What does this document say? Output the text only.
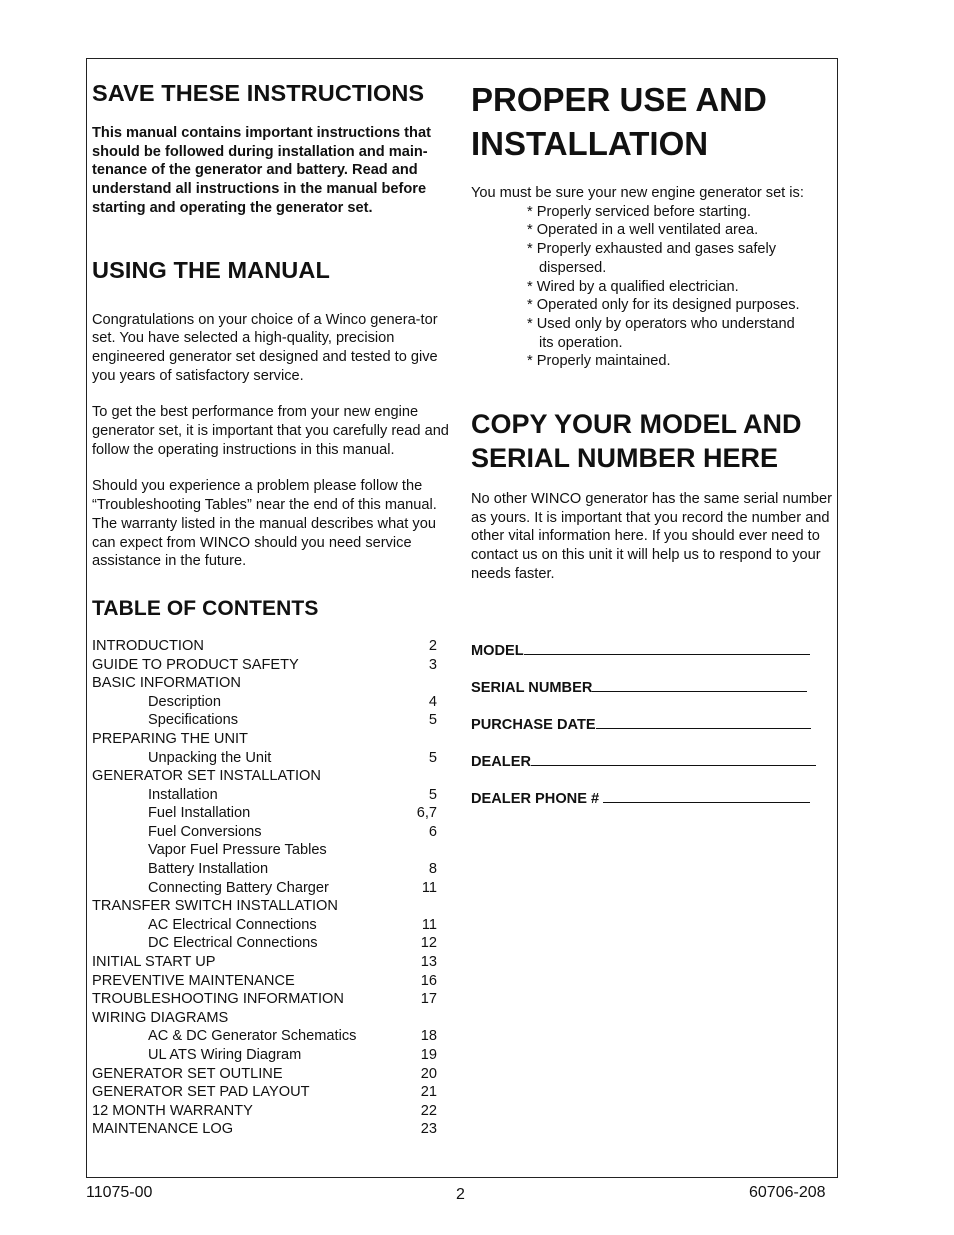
SAVE THESE INSTRUCTIONS

This manual contains important instructions that should be followed during installation and main-tenance of the generator and battery. Read and understand all instructions in the manual before starting and operating the generator set.

USING THE MANUAL

Congratulations on your choice of a Winco genera-tor set. You have selected a high-quality, precision engineered generator set designed and tested to give you years of satisfactory service.

To get the best performance from your new engine generator set, it is important that you carefully read and follow the operating instructions in this manual.

Should you experience a problem please follow the “Troubleshooting Tables” near the end of this manual. The warranty listed in the manual describes what you can expect from WINCO should you need service assistance in the future.

TABLE OF CONTENTS
INTRODUCTION	2
GUIDE TO PRODUCT SAFETY	3
BASIC INFORMATION
Description	4
Specifications	5
PREPARING THE UNIT
Unpacking the Unit	5
GENERATOR SET INSTALLATION
Installation	5
Fuel Installation	6,7
Fuel Conversions	6
Vapor Fuel Pressure Tables
Battery Installation	8
Connecting Battery Charger	11
TRANSFER SWITCH INSTALLATION
AC Electrical Connections	11
DC Electrical Connections	12
INITIAL START UP	13
PREVENTIVE MAINTENANCE	16
TROUBLESHOOTING INFORMATION	17
WIRING DIAGRAMS
AC & DC Generator Schematics	18
UL ATS Wiring Diagram	19
GENERATOR SET OUTLINE	20
GENERATOR SET PAD LAYOUT	21
12 MONTH WARRANTY	22
MAINTENANCE LOG	23
PROPER USE AND
INSTALLATION

You must be sure your new engine generator set is:

* Properly serviced before starting.
* Operated in a well ventilated area.
* Properly exhausted and gases safely
dispersed.
* Wired by a qualified electrician.
* Operated only for its designed purposes.
* Used only by operators who understand
its operation.
* Properly maintained.
COPY YOUR MODEL AND
SERIAL NUMBER HERE

No other WINCO generator has the same serial number as yours. It is important that you record the number and other vital information here. If you should ever need to contact us on this unit it will help us to respond to your needs faster.

MODEL
SERIAL NUMBER
PURCHASE DATE
DEALER
DEALER PHONE #
11075-00	2	60706-208
